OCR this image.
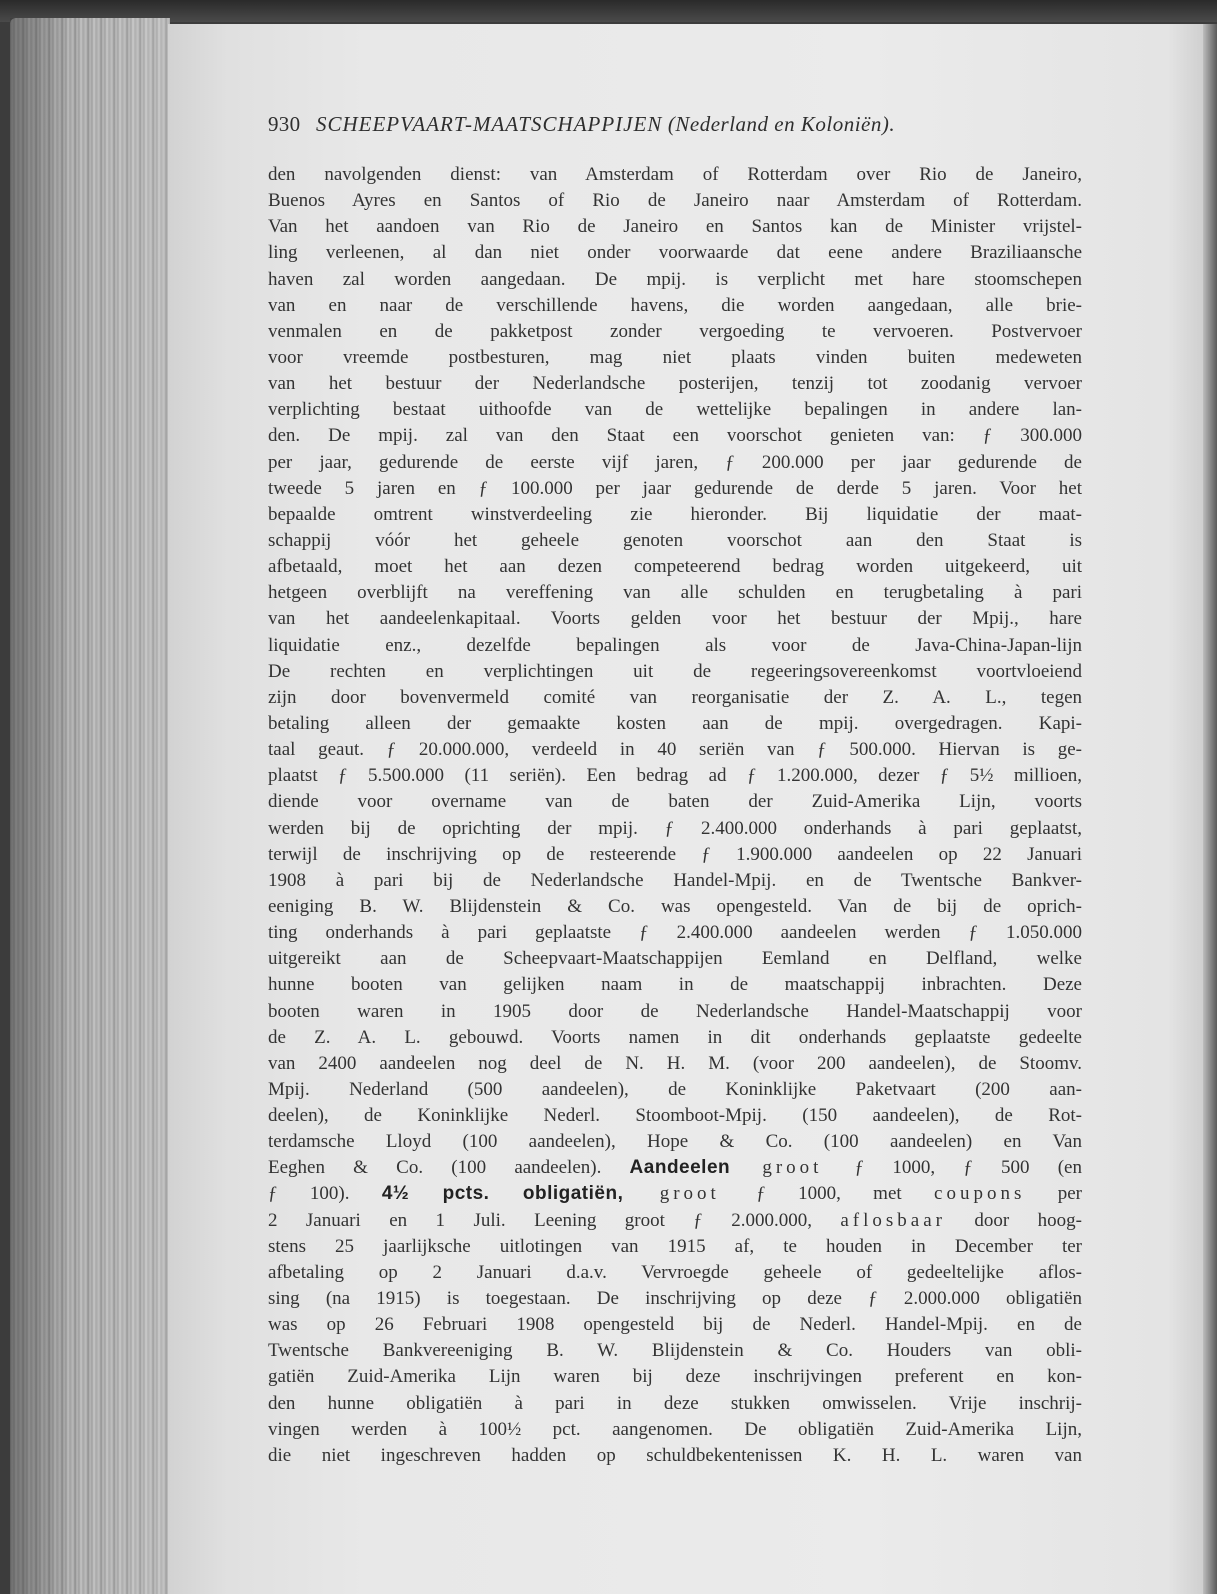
930 SCHEEPVAART-MAATSCHAPPIJEN (Nederland en Koloniën).
den navolgenden dienst: van Amsterdam of Rotterdam over Rio de Janeiro,
Buenos Ayres en Santos of Rio de Janeiro naar Amsterdam of Rotterdam.
Van het aandoen van Rio de Janeiro en Santos kan de Minister vrijstel-
ling verleenen, al dan niet onder voorwaarde dat eene andere Braziliaansche
haven zal worden aangedaan. De mpij. is verplicht met hare stoomschepen
van en naar de verschillende havens, die worden aangedaan, alle brie-
venmalen en de pakketpost zonder vergoeding te vervoeren. Postvervoer
voor vreemde postbesturen, mag niet plaats vinden buiten medeweten
van het bestuur der Nederlandsche posterijen, tenzij tot zoodanig vervoer
verplichting bestaat uithoofde van de wettelijke bepalingen in andere lan-
den. De mpij. zal van den Staat een voorschot genieten van: ƒ 300.000
per jaar, gedurende de eerste vijf jaren, ƒ 200.000 per jaar gedurende de
tweede 5 jaren en ƒ 100.000 per jaar gedurende de derde 5 jaren. Voor het
bepaalde omtrent winstverdeeling zie hieronder. Bij liquidatie der maat-
schappij vóór het geheele genoten voorschot aan den Staat is
afbetaald, moet het aan dezen competeerend bedrag worden uitgekeerd, uit
hetgeen overblijft na vereffening van alle schulden en terugbetaling à pari
van het aandeelenkapitaal. Voorts gelden voor het bestuur der Mpij., hare
liquidatie enz., dezelfde bepalingen als voor de Java-China-Japan-lijn
De rechten en verplichtingen uit de regeeringsovereenkomst voortvloeiend
zijn door bovenvermeld comité van reorganisatie der Z. A. L., tegen
betaling alleen der gemaakte kosten aan de mpij. overgedragen. Kapi-
taal geaut. ƒ 20.000.000, verdeeld in 40 seriën van ƒ 500.000. Hiervan is ge-
plaatst ƒ 5.500.000 (11 seriën). Een bedrag ad ƒ 1.200.000, dezer ƒ 5½ millioen,
diende voor overname van de baten der Zuid-Amerika Lijn, voorts
werden bij de oprichting der mpij. ƒ 2.400.000 onderhands à pari geplaatst,
terwijl de inschrijving op de resteerende ƒ 1.900.000 aandeelen op 22 Januari
1908 à pari bij de Nederlandsche Handel-Mpij. en de Twentsche Bankver-
eeniging B. W. Blijdenstein & Co. was opengesteld. Van de bij de oprich-
ting onderhands à pari geplaatste ƒ 2.400.000 aandeelen werden ƒ 1.050.000
uitgereikt aan de Scheepvaart-Maatschappijen Eemland en Delfland, welke
hunne booten van gelijken naam in de maatschappij inbrachten. Deze
booten waren in 1905 door de Nederlandsche Handel-Maatschappij voor
de Z. A. L. gebouwd. Voorts namen in dit onderhands geplaatste gedeelte
van 2400 aandeelen nog deel de N. H. M. (voor 200 aandeelen), de Stoomv.
Mpij. Nederland (500 aandeelen), de Koninklijke Paketvaart (200 aan-
deelen), de Koninklijke Nederl. Stoomboot-Mpij. (150 aandeelen), de Rot-
terdamsche Lloyd (100 aandeelen), Hope & Co. (100 aandeelen) en Van
Eeghen & Co. (100 aandeelen). Aandeelen groot ƒ 1000, ƒ 500 (en
ƒ 100). 4½ pcts. obligatiën, groot ƒ 1000, met coupons per
2 Januari en 1 Juli. Leening groot ƒ 2.000.000, aflosbaar door hoog-
stens 25 jaarlijksche uitlotingen van 1915 af, te houden in December ter
afbetaling op 2 Januari d.a.v. Vervroegde geheele of gedeeltelijke aflos-
sing (na 1915) is toegestaan. De inschrijving op deze ƒ 2.000.000 obligatiën
was op 26 Februari 1908 opengesteld bij de Nederl. Handel-Mpij. en de
Twentsche Bankvereeniging B. W. Blijdenstein & Co. Houders van obli-
gatiën Zuid-Amerika Lijn waren bij deze inschrijvingen preferent en kon-
den hunne obligatiën à pari in deze stukken omwisselen. Vrije inschrij-
vingen werden à 100½ pct. aangenomen. De obligatiën Zuid-Amerika Lijn,
die niet ingeschreven hadden op schuldbekentenissen K. H. L. waren van
